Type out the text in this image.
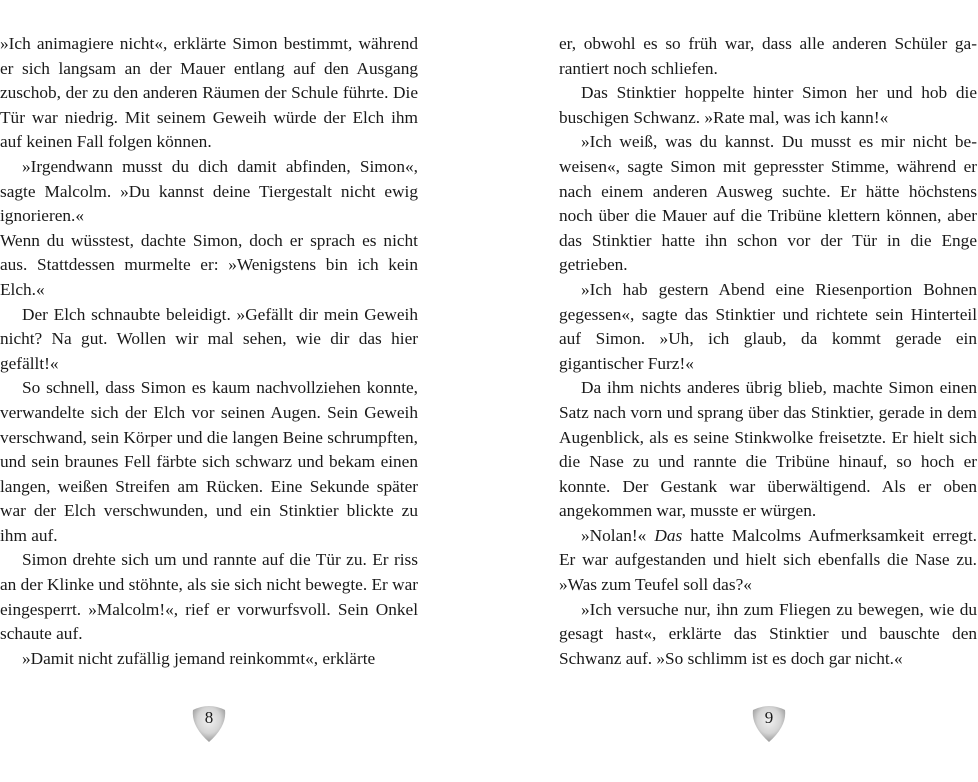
»Ich animagiere nicht«, erklärte Simon bestimmt, während er sich langsam an der Mauer entlang auf den Ausgang zuschob, der zu den anderen Räumen der Schule führte. Die Tür war niedrig. Mit seinem Geweih würde der Elch ihm auf keinen Fall folgen können.

»Irgendwann musst du dich damit abfinden, Simon«, sagte Malcolm. »Du kannst deine Tiergestalt nicht ewig ignorieren.«

Wenn du wüsstest, dachte Simon, doch er sprach es nicht aus. Stattdessen murmelte er: »Wenigstens bin ich kein Elch.«

Der Elch schnaubte beleidigt. »Gefällt dir mein Geweih nicht? Na gut. Wollen wir mal sehen, wie dir das hier gefällt!«

So schnell, dass Simon es kaum nachvollziehen konnte, verwandelte sich der Elch vor seinen Augen. Sein Geweih verschwand, sein Körper und die langen Beine schrumpften, und sein braunes Fell färbte sich schwarz und bekam einen langen, weißen Streifen am Rücken. Eine Sekunde später war der Elch verschwunden, und ein Stinktier blickte zu ihm auf.

Simon drehte sich um und rannte auf die Tür zu. Er riss an der Klinke und stöhnte, als sie sich nicht bewegte. Er war eingesperrt. »Malcolm!«, rief er vorwurfsvoll. Sein Onkel schaute auf.

»Damit nicht zufällig jemand reinkommt«, erklärte

er, obwohl es so früh war, dass alle anderen Schüler garantiert noch schliefen.

Das Stinktier hoppelte hinter Simon her und hob die buschigen Schwanz. »Rate mal, was ich kann!«

»Ich weiß, was du kannst. Du musst es mir nicht beweisen«, sagte Simon mit gepresster Stimme, während er nach einem anderen Ausweg suchte. Er hätte höchstens noch über die Mauer auf die Tribüne klettern können, aber das Stinktier hatte ihn schon vor der Tür in die Enge getrieben.

»Ich hab gestern Abend eine Riesenportion Bohnen gegessen«, sagte das Stinktier und richtete sein Hinterteil auf Simon. »Uh, ich glaub, da kommt gerade ein gigantischer Furz!«

Da ihm nichts anderes übrig blieb, machte Simon einen Satz nach vorn und sprang über das Stinktier, gerade in dem Augenblick, als es seine Stinkwolke freisetzte. Er hielt sich die Nase zu und rannte die Tribüne hinauf, so hoch er konnte. Der Gestank war überwältigend. Als er oben angekommen war, musste er würgen.

»Nolan!« Das hatte Malcolms Aufmerksamkeit erregt. Er war aufgestanden und hielt sich ebenfalls die Nase zu. »Was zum Teufel soll das?«

»Ich versuche nur, ihn zum Fliegen zu bewegen, wie du gesagt hast«, erklärte das Stinktier und bauschte den Schwanz auf. »So schlimm ist es doch gar nicht.«

8	9
